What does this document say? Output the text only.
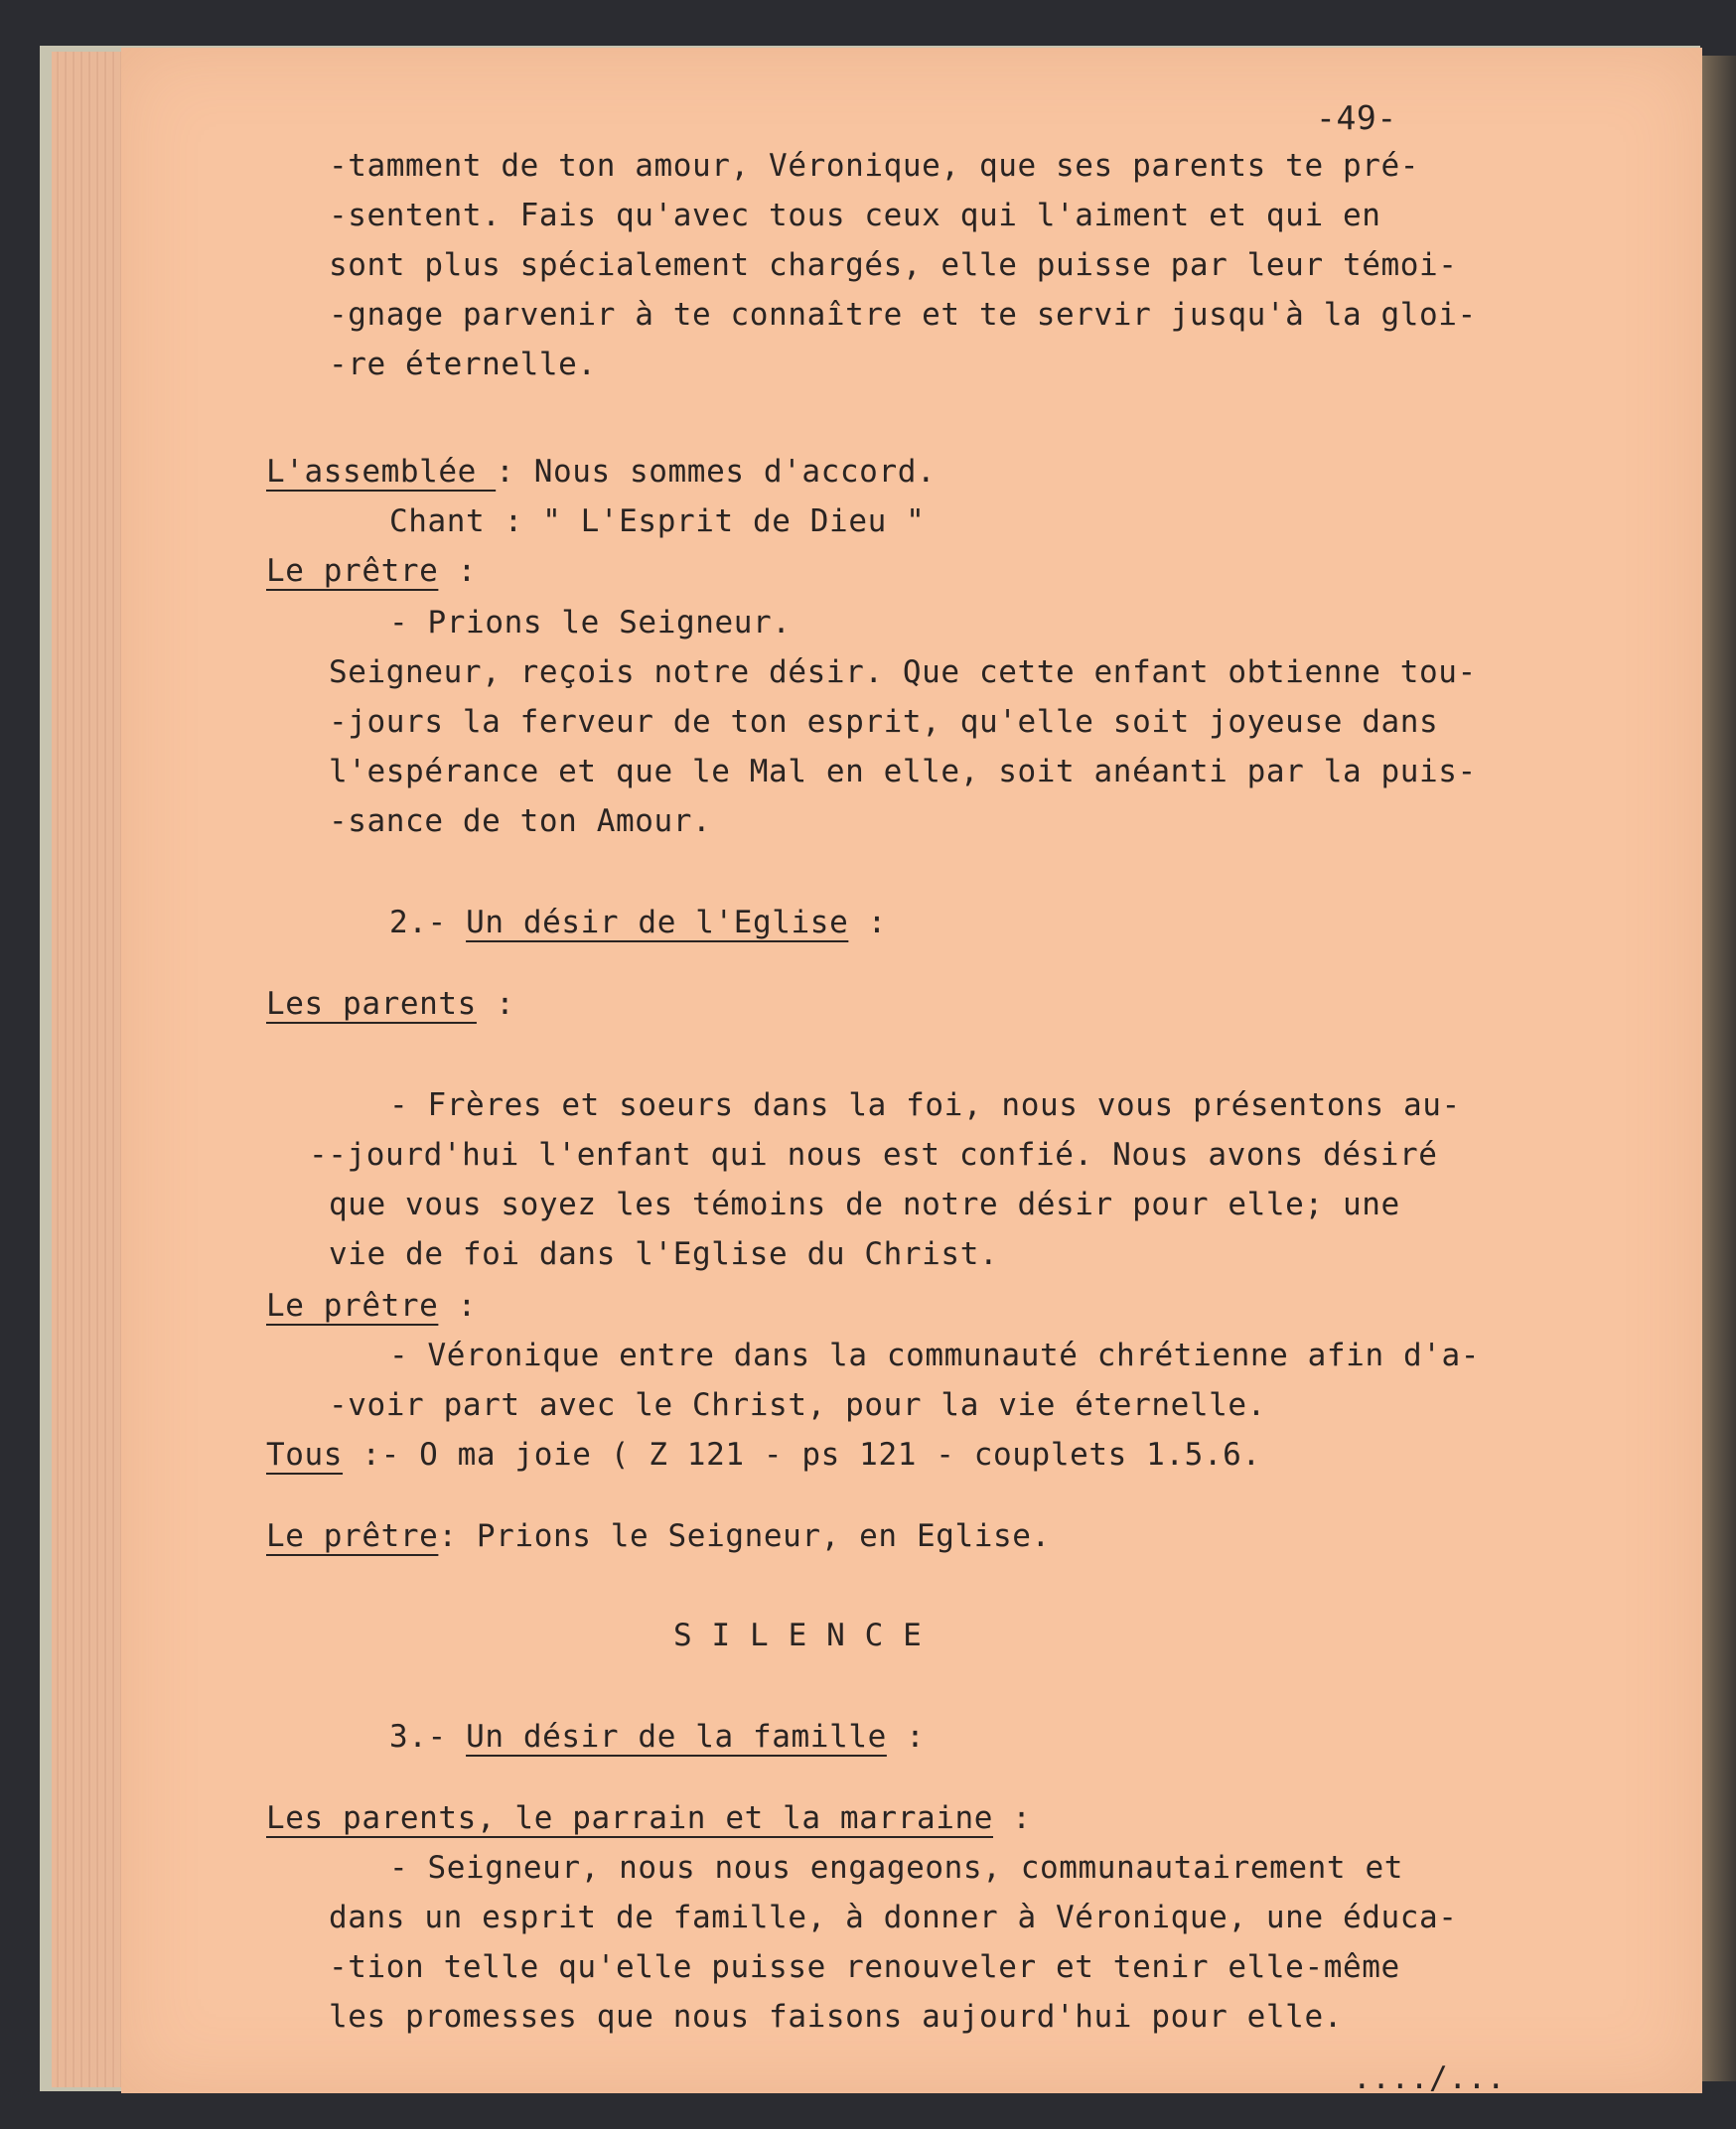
-49-
-tamment de ton amour, Véronique, que ses parents te pré-
-sentent. Fais qu'avec tous ceux qui l'aiment et qui en
sont plus spécialement chargés, elle puisse par leur témoi-
-gnage parvenir à te connaître et te servir jusqu'à la gloi-
-re éternelle.
L'assemblée : Nous sommes d'accord.
Chant : " L'Esprit de Dieu "
Le prêtre :
- Prions le Seigneur.
Seigneur, reçois notre désir. Que cette enfant obtienne tou-
-jours la ferveur de ton esprit, qu'elle soit joyeuse dans
l'espérance et que le Mal en elle, soit anéanti par la puis-
-sance de ton Amour.
2.- Un désir de l'Eglise :
Les parents :
- Frères et soeurs dans la foi, nous vous présentons au-
--jourd'hui l'enfant qui nous est confié. Nous avons désiré
que vous soyez les témoins de notre désir pour elle; une
vie de foi dans l'Eglise du Christ.
Le prêtre :
- Véronique entre dans la communauté chrétienne afin d'a-
-voir part avec le Christ, pour la vie éternelle.
Tous :- O ma joie ( Z 121 - ps 121 - couplets 1.5.6.
Le prêtre: Prions le Seigneur, en Eglise.
S I L E N C E
3.- Un désir de la famille :
Les parents, le parrain et la marraine :
- Seigneur, nous nous engageons, communautairement et
dans un esprit de famille, à donner à Véronique, une éduca-
-tion telle qu'elle puisse renouveler et tenir elle-même
les promesses que nous faisons aujourd'hui pour elle.
..../...
